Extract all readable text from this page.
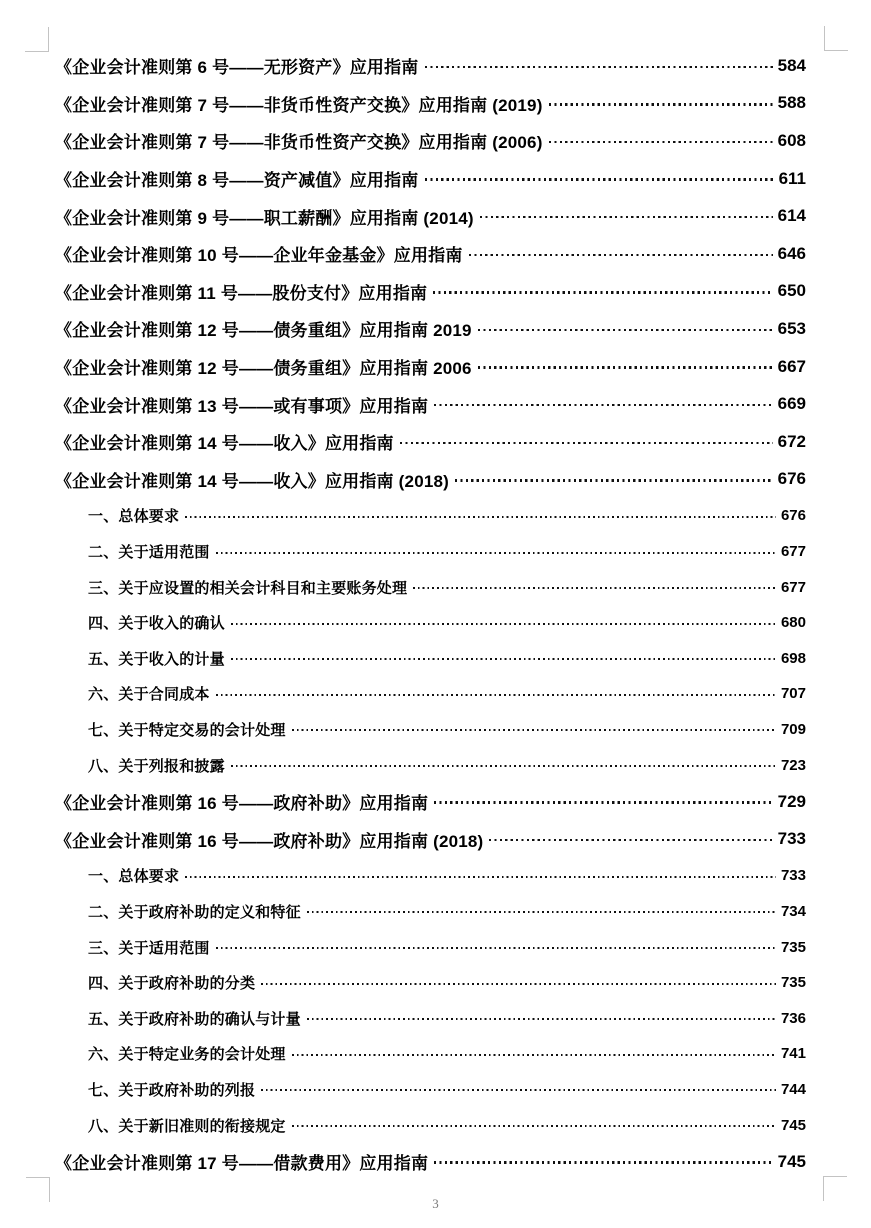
《企业会计准则第 6 号——无形资产》应用指南	584
《企业会计准则第 7 号——非货币性资产交换》应用指南 (2019)	588
《企业会计准则第 7 号——非货币性资产交换》应用指南 (2006)	608
《企业会计准则第 8 号——资产减值》应用指南	611
《企业会计准则第 9 号——职工薪酬》应用指南 (2014)	614
《企业会计准则第 10 号——企业年金基金》应用指南	646
《企业会计准则第 11 号——股份支付》应用指南	650
《企业会计准则第 12 号——债务重组》应用指南 2019	653
《企业会计准则第 12 号——债务重组》应用指南 2006	667
《企业会计准则第 13 号——或有事项》应用指南	669
《企业会计准则第 14 号——收入》应用指南	672
《企业会计准则第 14 号——收入》应用指南 (2018)	676
一、总体要求	676
二、关于适用范围	677
三、关于应设置的相关会计科目和主要账务处理	677
四、关于收入的确认	680
五、关于收入的计量	698
六、关于合同成本	707
七、关于特定交易的会计处理	709
八、关于列报和披露	723
《企业会计准则第 16 号——政府补助》应用指南	729
《企业会计准则第 16 号——政府补助》应用指南 (2018)	733
一、总体要求	733
二、关于政府补助的定义和特征	734
三、关于适用范围	735
四、关于政府补助的分类	735
五、关于政府补助的确认与计量	736
六、关于特定业务的会计处理	741
七、关于政府补助的列报	744
八、关于新旧准则的衔接规定	745
《企业会计准则第 17 号——借款费用》应用指南	745
3
